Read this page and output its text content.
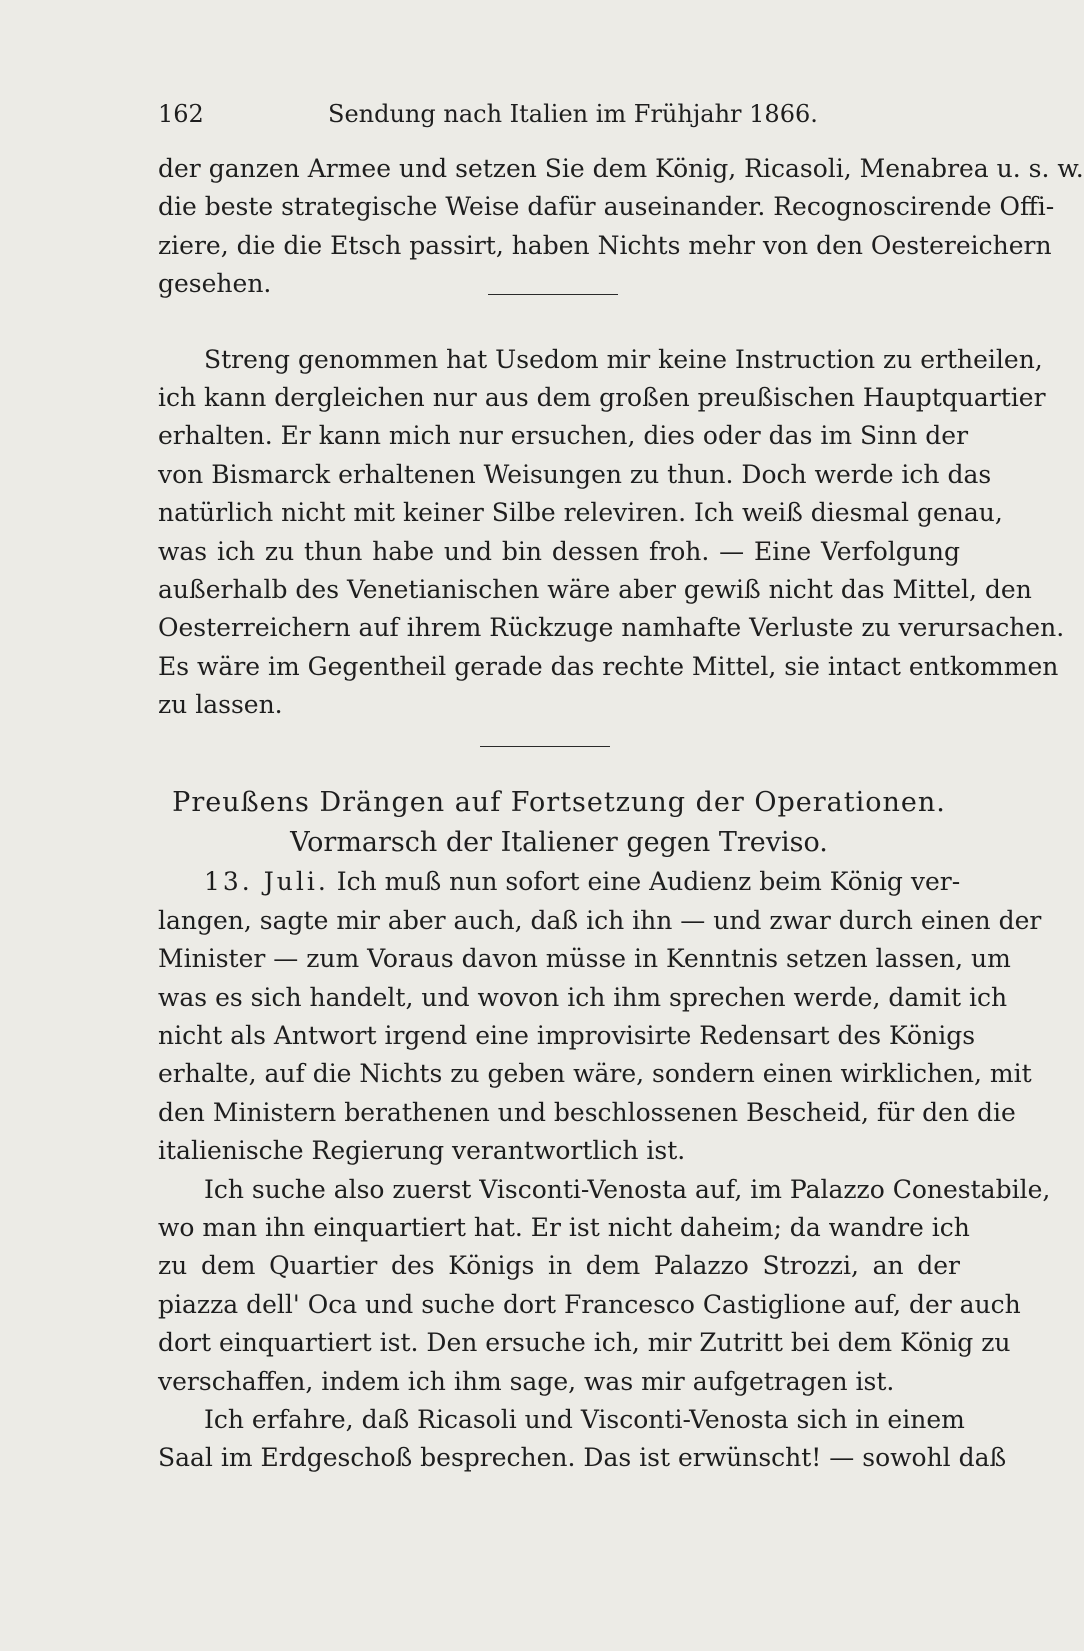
162	Sendung nach Italien im Frühjahr 1866.
der ganzen Armee und setzen Sie dem König, Ricasoli, Menabrea u. s. w.
die beste strategische Weise dafür auseinander. Recognoscirende Offi-
ziere, die die Etsch passirt, haben Nichts mehr von den Oestereichern
gesehen.
Streng genommen hat Usedom mir keine Instruction zu ertheilen,
ich kann dergleichen nur aus dem großen preußischen Hauptquartier
erhalten. Er kann mich nur ersuchen, dies oder das im Sinn der
von Bismarck erhaltenen Weisungen zu thun. Doch werde ich das
natürlich nicht mit keiner Silbe releviren. Ich weiß diesmal genau,
was ich zu thun habe und bin dessen froh. — Eine Verfolgung
außerhalb des Venetianischen wäre aber gewiß nicht das Mittel, den
Oesterreichern auf ihrem Rückzuge namhafte Verluste zu verursachen.
Es wäre im Gegentheil gerade das rechte Mittel, sie intact entkommen
zu lassen.
Preußens Drängen auf Fortsetzung der Operationen.
Vormarsch der Italiener gegen Treviso.
13. Juli. Ich muß nun sofort eine Audienz beim König ver-
langen, sagte mir aber auch, daß ich ihn — und zwar durch einen der
Minister — zum Voraus davon müsse in Kenntnis setzen lassen, um
was es sich handelt, und wovon ich ihm sprechen werde, damit ich
nicht als Antwort irgend eine improvisirte Redensart des Königs
erhalte, auf die Nichts zu geben wäre, sondern einen wirklichen, mit
den Ministern berathenen und beschlossenen Bescheid, für den die
italienische Regierung verantwortlich ist.
Ich suche also zuerst Visconti-Venosta auf, im Palazzo Conestabile,
wo man ihn einquartiert hat. Er ist nicht daheim; da wandre ich
zu dem Quartier des Königs in dem Palazzo Strozzi, an der
piazza dell' Oca und suche dort Francesco Castiglione auf, der auch
dort einquartiert ist. Den ersuche ich, mir Zutritt bei dem König zu
verschaffen, indem ich ihm sage, was mir aufgetragen ist.
Ich erfahre, daß Ricasoli und Visconti-Venosta sich in einem
Saal im Erdgeschoß besprechen. Das ist erwünscht! — sowohl daß
